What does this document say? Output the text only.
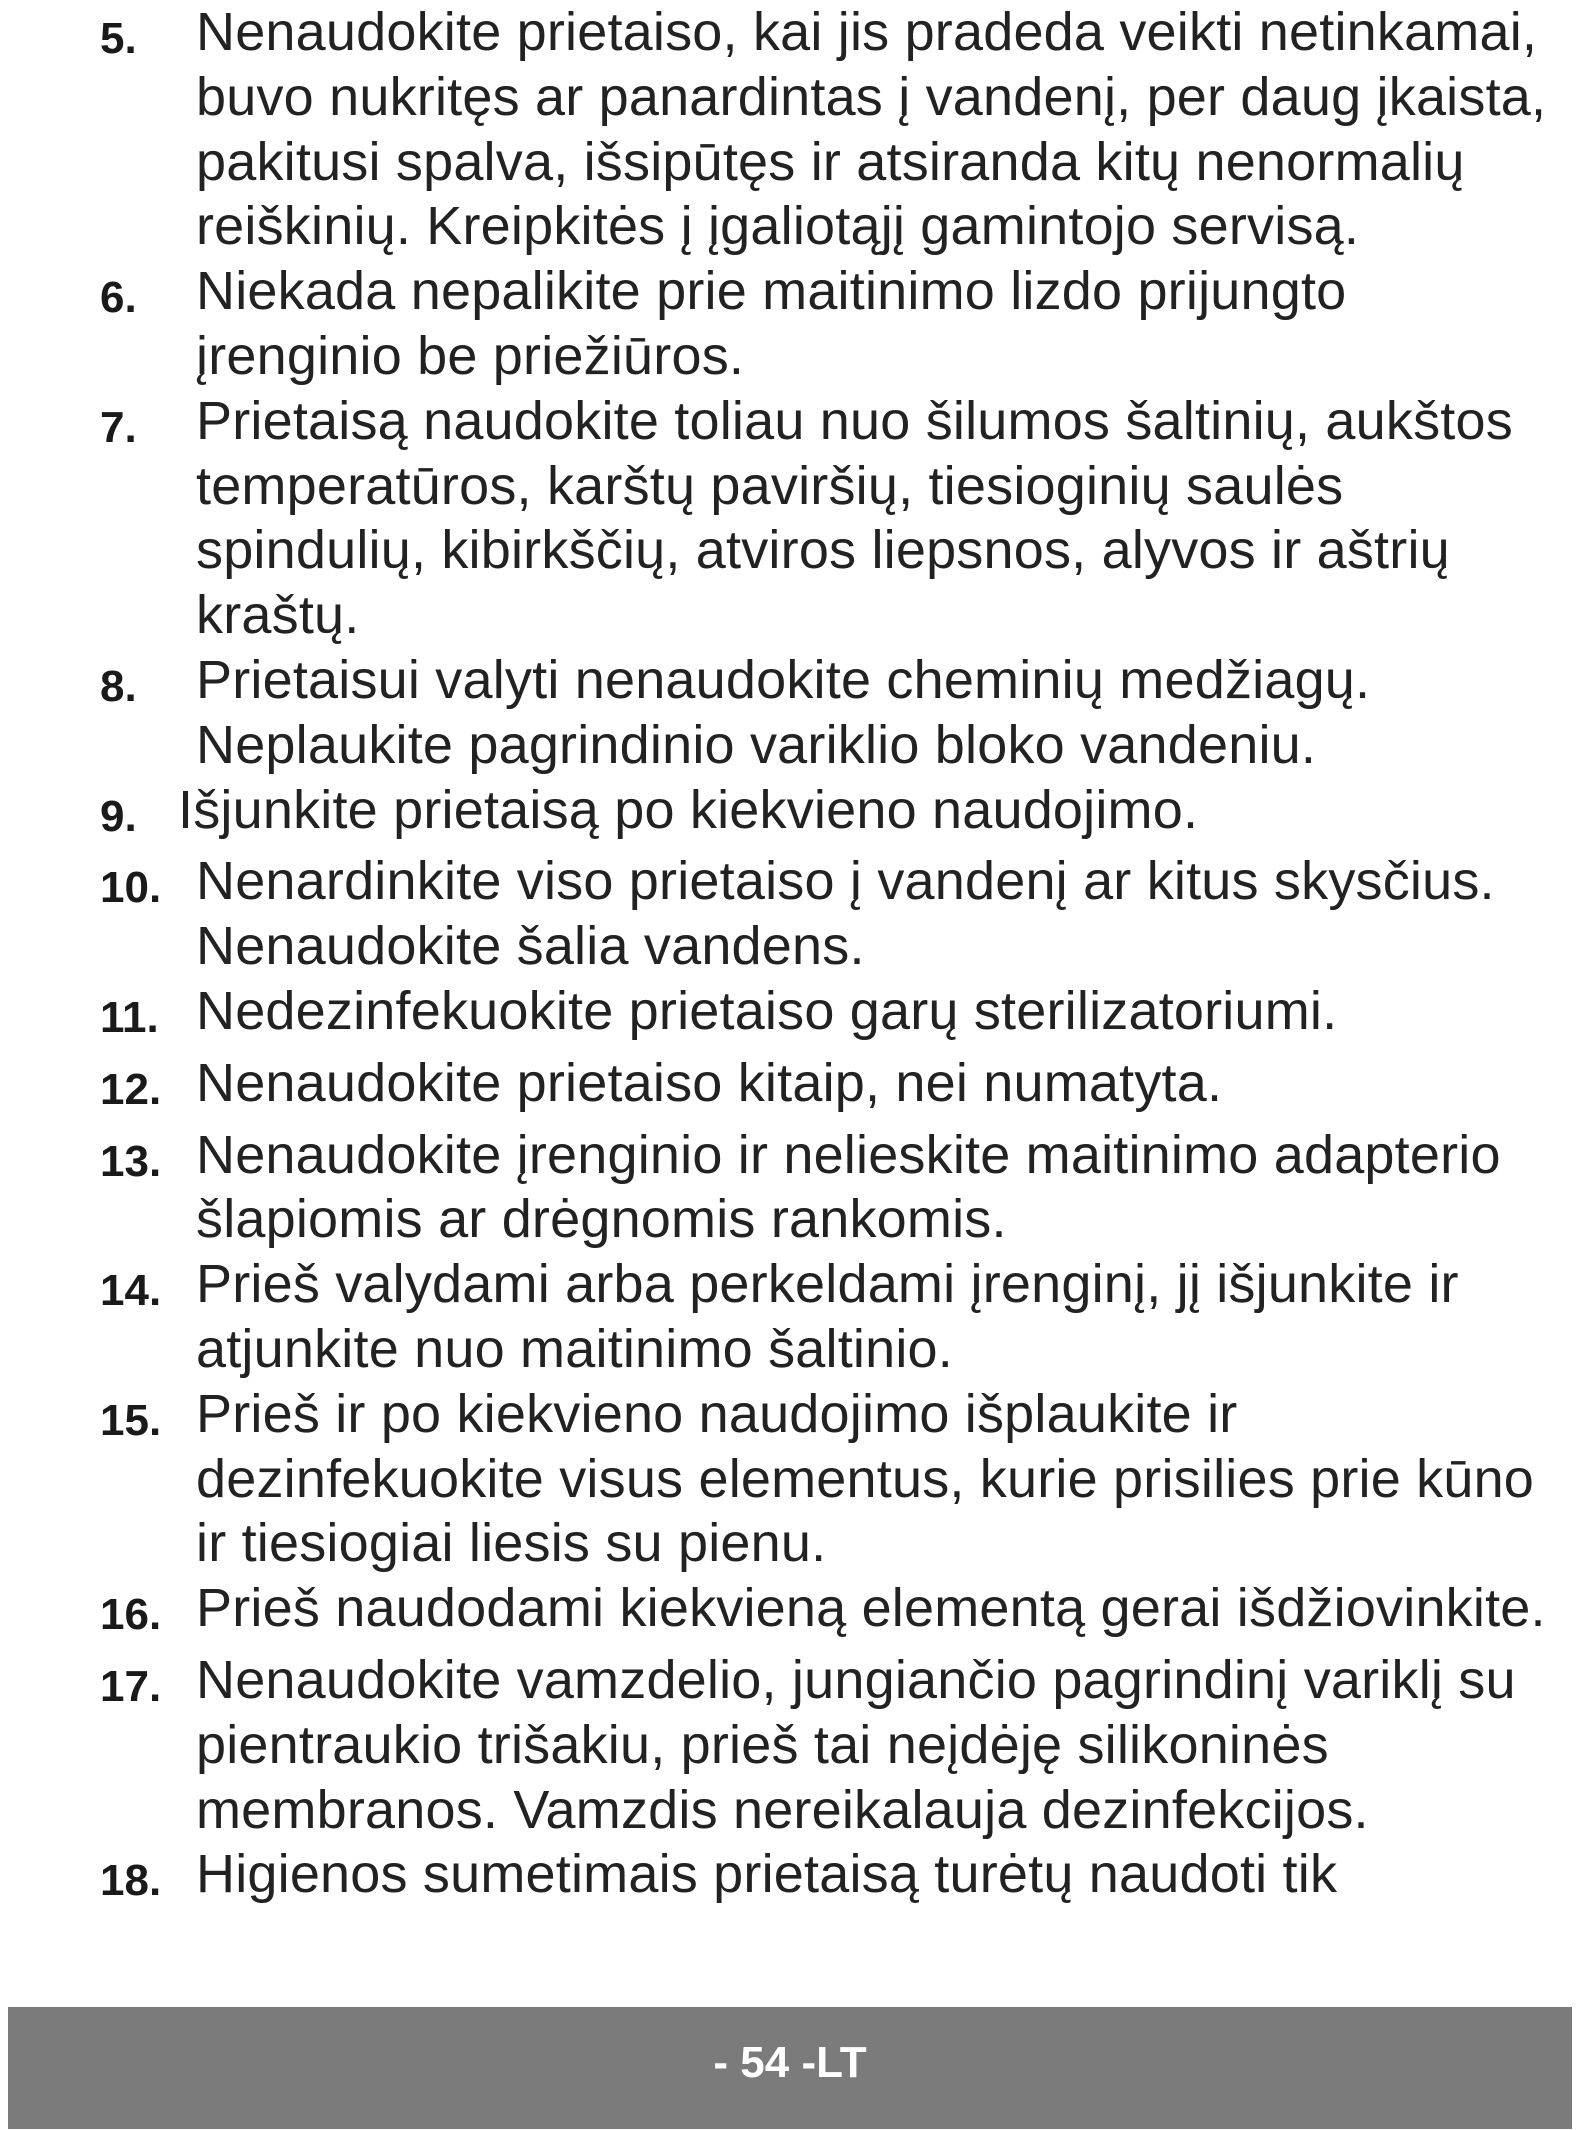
5.	Nenaudokite prietaiso, kai jis pradeda veikti netinkamai, buvo nukritęs ar panardintas į vandenį, per daug įkaista, pakitusi spalva, išsipūtęs ir atsiranda kitų nenormalių reiškinių. Kreipkitės į įgaliotąjį gamintojo servisą.
6.	Niekada nepalikite prie maitinimo lizdo prijungto įrenginio be priežiūros.
7.	Prietaisą naudokite toliau nuo šilumos šaltinių, aukštos temperatūros, karštų paviršių, tiesioginių saulės spindulių, kibirkščių, atviros liepsnos, alyvos ir aštrių kraštų.
8.	Prietaisui valyti nenaudokite cheminių medžiagų. Neplaukite pagrindinio variklio bloko vandeniu.
9. Išjunkite prietaisą po kiekvieno naudojimo.
10. Nenardinkite viso prietaiso į vandenį ar kitus skysčius. Nenaudokite šalia vandens.
11. Nedezinfekuokite prietaiso garų sterilizatoriumi.
12. Nenaudokite prietaiso kitaip, nei numatyta.
13. Nenaudokite įrenginio ir nelieskite maitinimo adapterio šlapiomis ar drėgnomis rankomis.
14. Prieš valydami arba perkeldami įrenginį, jį išjunkite ir atjunkite nuo maitinimo šaltinio.
15. Prieš ir po kiekvieno naudojimo išplaukite ir dezinfekuokite visus elementus, kurie prisilies prie kūno ir tiesiogiai liesis su pienu.
16. Prieš naudodami kiekvieną elementą gerai išdžiovinkite.
17. Nenaudokite vamzdelio, jungiančio pagrindinį variklį su pientraukio trišakiu, prieš tai neįdėję silikoninės membranos. Vamzdis nereikalauja dezinfekcijos.
18. Higienos sumetimais prietaisą turėtų naudoti tik
- 54 -LT
